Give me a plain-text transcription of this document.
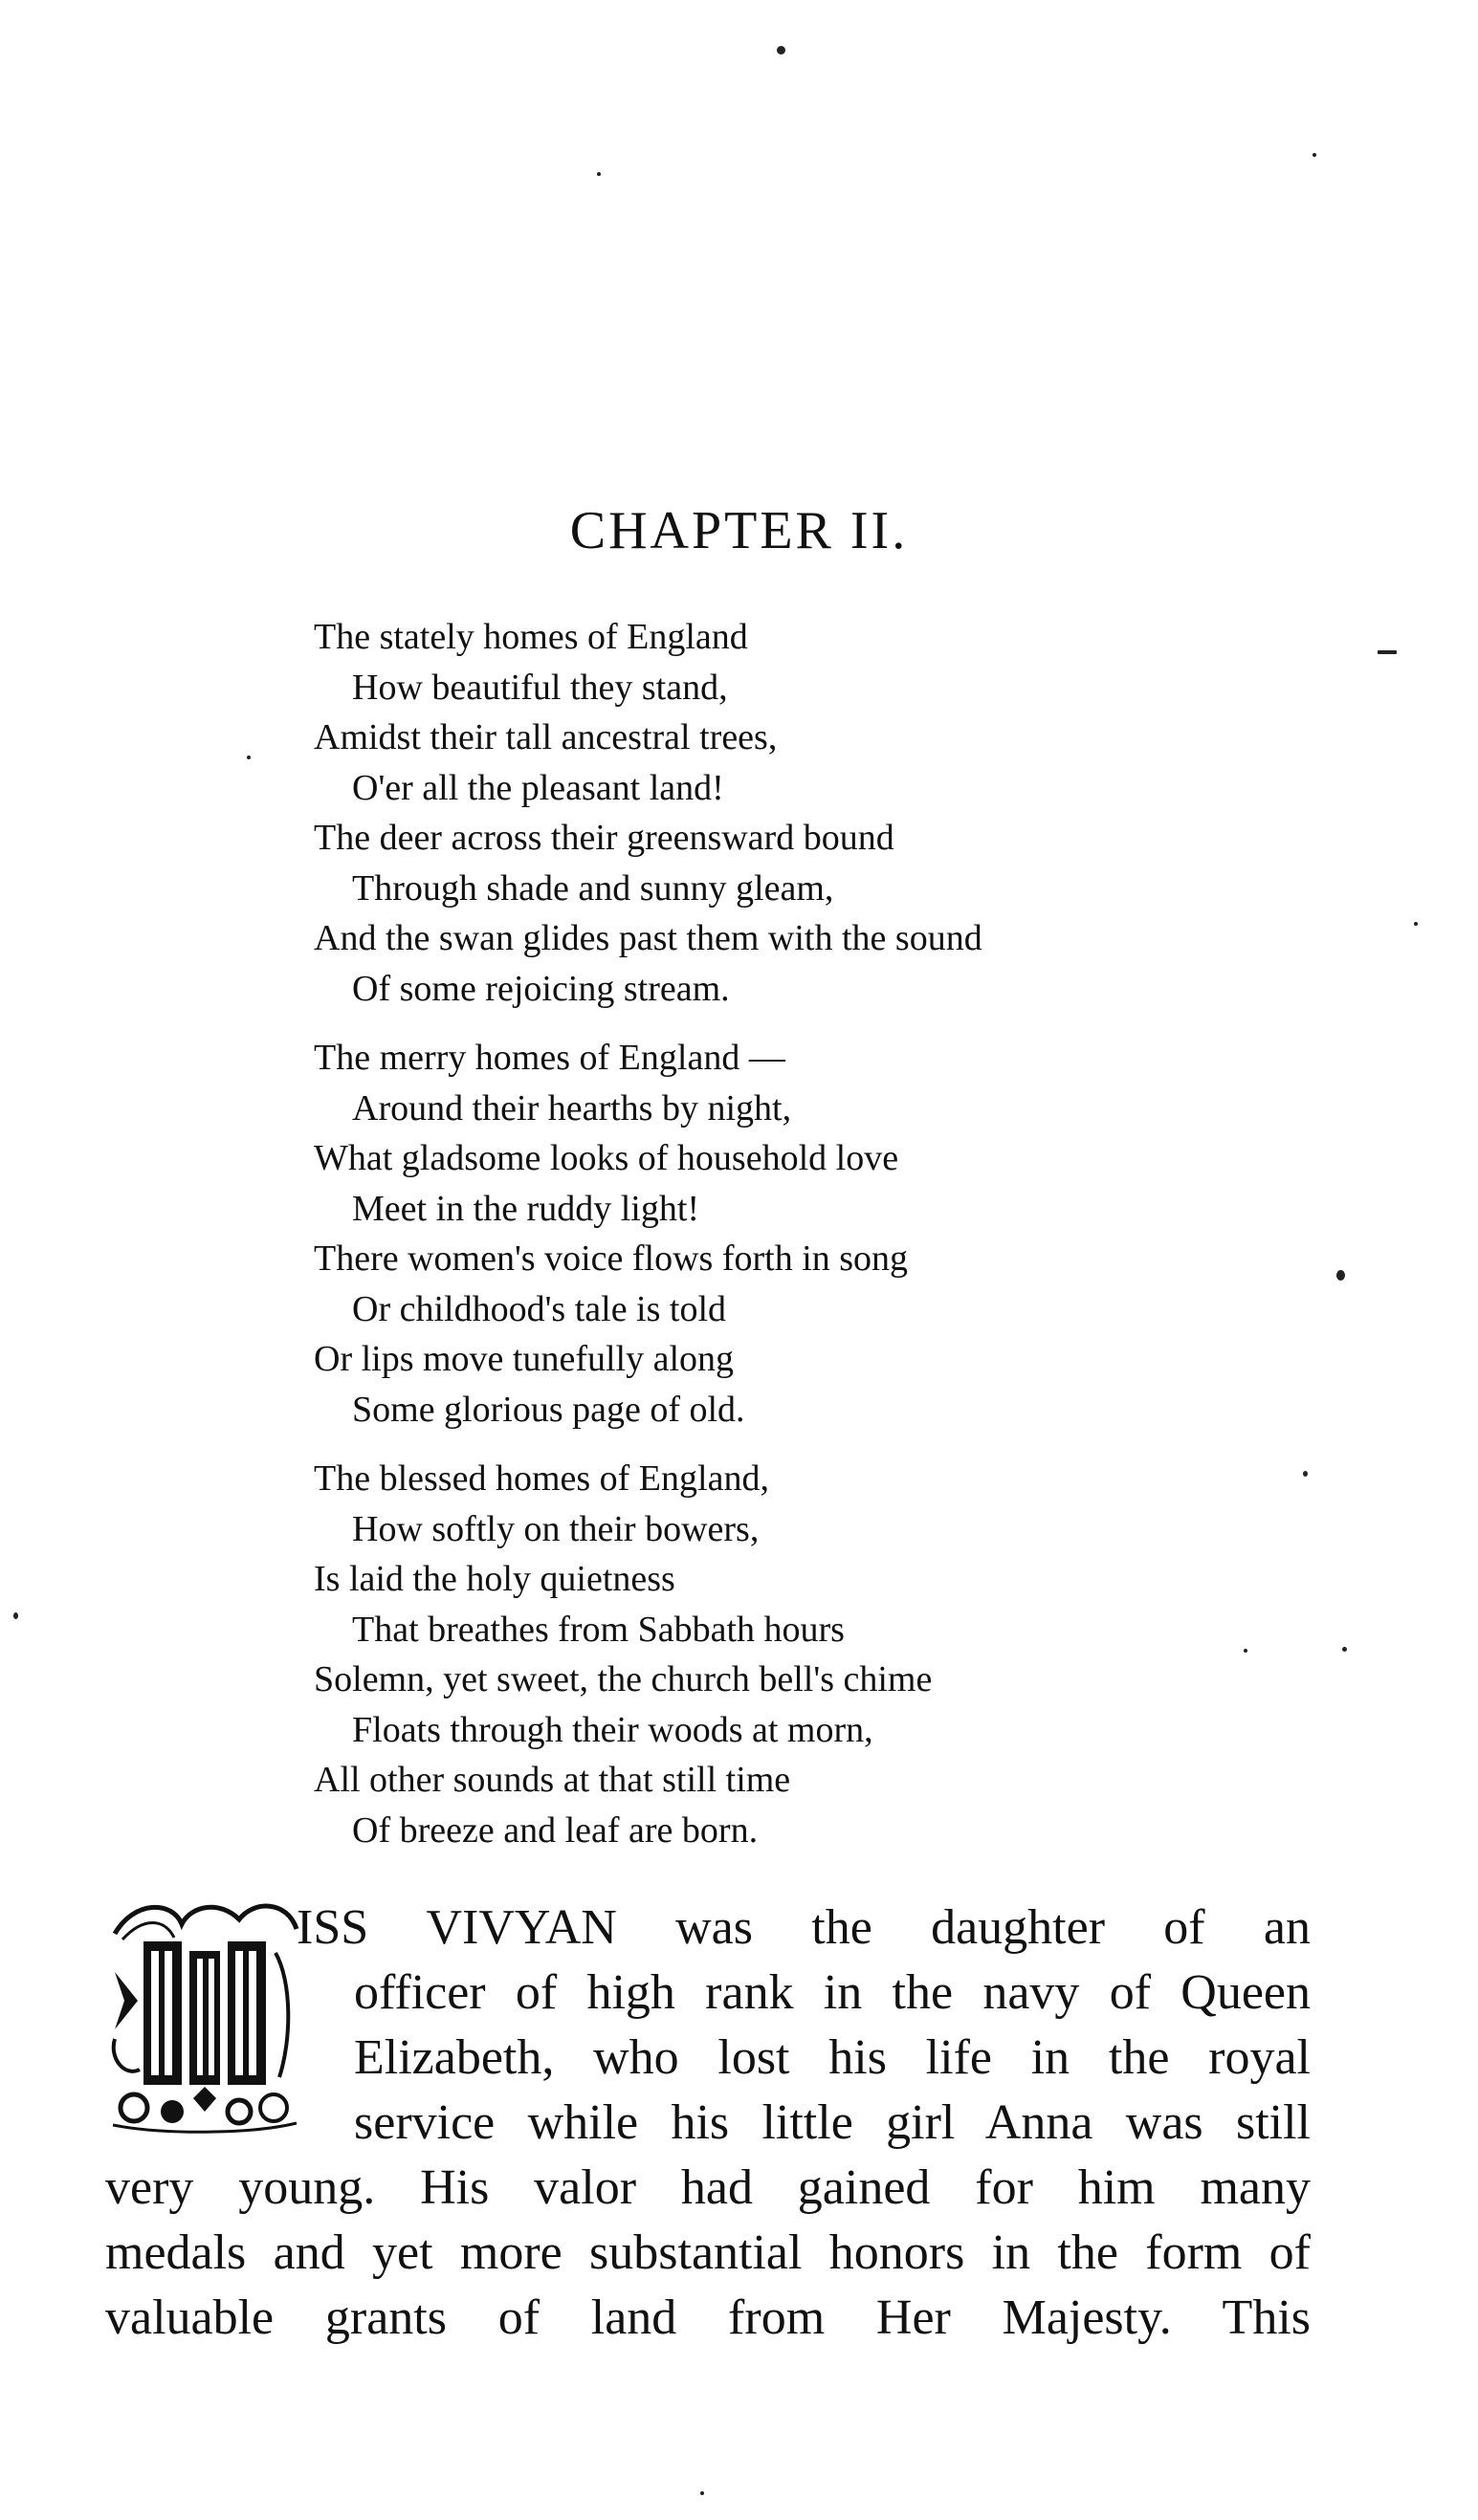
CHAPTER II.
The stately homes of England
How beautiful they stand,
Amidst their tall ancestral trees,
O'er all the pleasant land!
The deer across their greensward bound
Through shade and sunny gleam,
And the swan glides past them with the sound
Of some rejoicing stream.
The merry homes of England —
Around their hearths by night,
What gladsome looks of household love
Meet in the ruddy light!
There women's voice flows forth in song
Or childhood's tale is told
Or lips move tunefully along
Some glorious page of old.
The blessed homes of England,
How softly on their bowers,
Is laid the holy quietness
That breathes from Sabbath hours
Solemn, yet sweet, the church bell's chime
Floats through their woods at morn,
All other sounds at that still time
Of breeze and leaf are born.
ISS VIVYAN was the daughter of an
officer of high rank in the navy of Queen
Elizabeth, who lost his life in the royal
service while his little girl Anna was still
very young. His valor had gained for him many
medals and yet more substantial honors in the form of
valuable grants of land from Her Majesty. This
